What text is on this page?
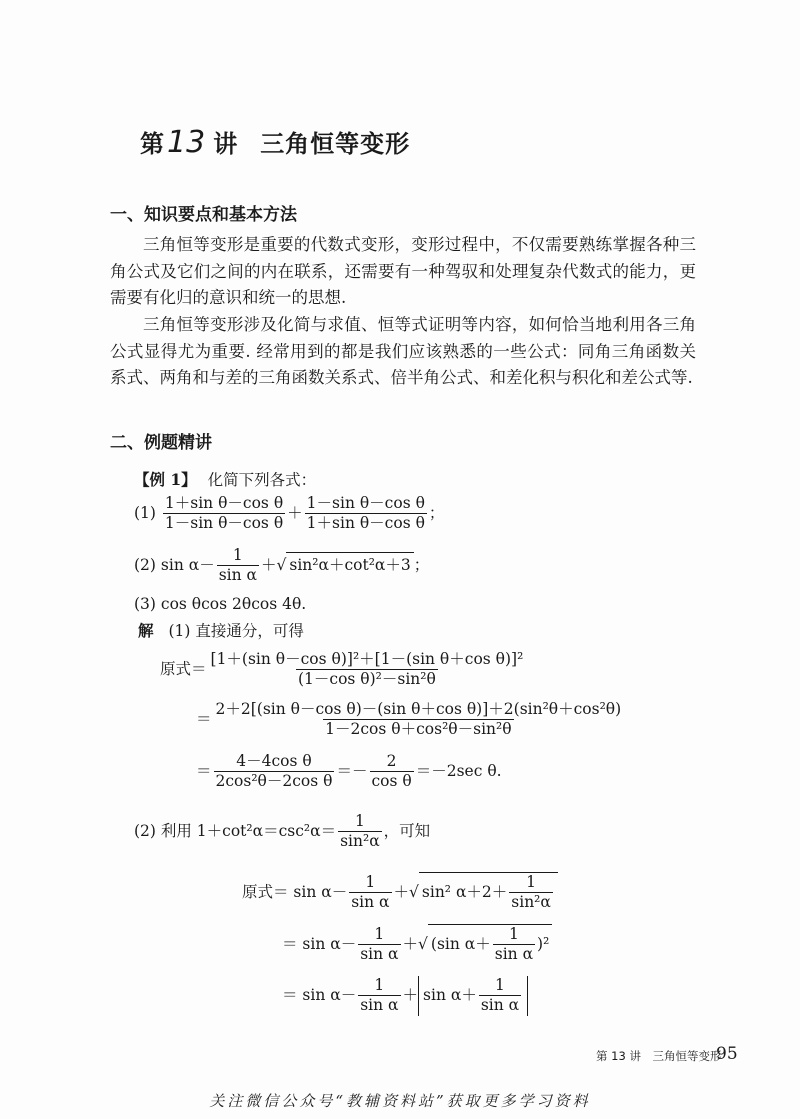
第13 讲 三角恒等变形
一、知识要点和基本方法
三角恒等变形是重要的代数式变形，变形过程中，不仅需要熟练掌握各种三角公式及它们之间的内在联系，还需要有一种驾驭和处理复杂代数式的能力，更需要有化归的意识和统一的思想.
三角恒等变形涉及化简与求值、恒等式证明等内容，如何恰当地利用各三角公式显得尤为重要. 经常用到的都是我们应该熟悉的一些公式：同角三角函数关系式、两角和与差的三角函数关系式、倍半角公式、和差化积与积化和差公式等.
二、例题精讲
【例 1】 化简下列各式：
$(1) \frac{\text{1＋sin θ－cos θ}}{\text{1－sin θ－cos θ}} + \frac{\text{1－sin θ－cos θ}}{\text{1＋sin θ－cos θ}}$ ；
(2) $\sin \alpha- \frac{1}{\text{sin α}}$ ＋√ sin²α＋cot²α＋3 ；
(3) cos θcos 2θcos 4θ.
解 (1) 直接通分，可得
原式＝ $\frac{\text{[1＋(sin θ－cos θ)]²＋[1－(sin θ＋cos θ)]²}}{\text{(1－cos θ)²－sin²θ}}$
＝ $\frac{\text{2＋2[(sin θ－cos θ)－(sin θ＋cos θ)]＋2(sin²θ＋cos²θ)}}{\text{1－2cos θ＋cos²θ－sin²θ}}$
＝ $\frac{\text{4－4cos θ}}{\text{2cos²θ－2cos θ}} =- \frac{2}{\text{cos θ}} =-2\sec$ θ.
(2) 利用 $1+\cot^2\alpha=\csc^2\alpha= \frac{1}{\text{sin²α}}$ ，可知
原式＝ $\sin \alpha- \frac{1}{\text{sin α}}$ ＋√ sin² $\alpha+2+ \frac{1}{\text{sin²α}}$
＝ $\sin \alpha- \frac{1}{\text{sin α}}$ ＋√ (sin $\alpha+ \frac{1}{\text{sin α}} )^2$
＝ $\sin \alpha- \frac{1}{\text{sin α}} + \sin \alpha+ \frac{1}{\text{sin α}}$
第 13 讲　三角恒等变形
95
关注微信公众号“教辅资料站”获取更多学习资料
